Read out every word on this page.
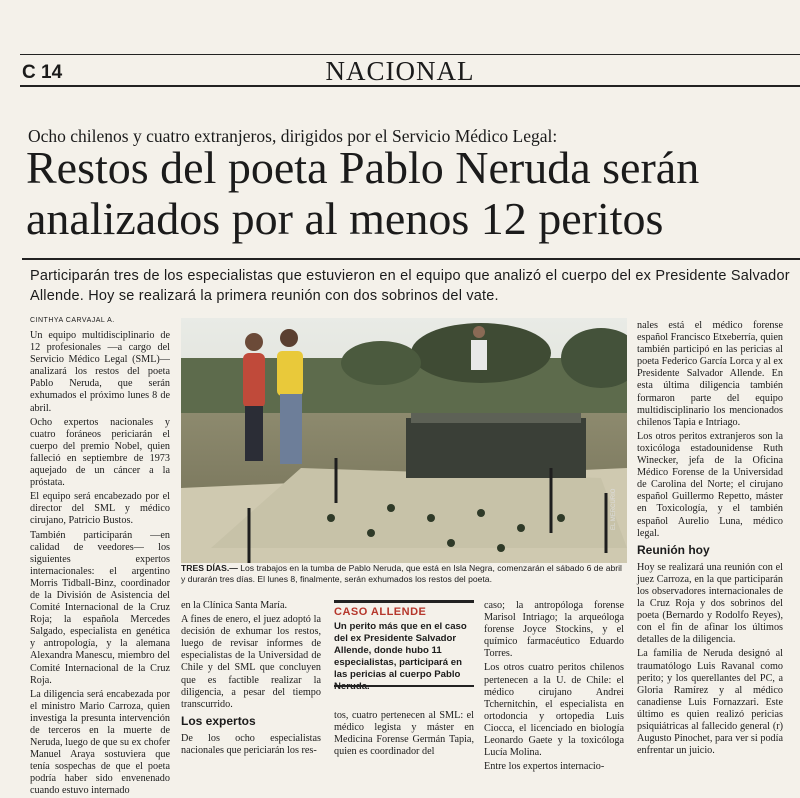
C 14	NACIONAL
Ocho chilenos y cuatro extranjeros, dirigidos por el Servicio Médico Legal:
Restos del poeta Pablo Neruda serán analizados por al menos 12 peritos
Participarán tres de los especialistas que estuvieron en el equipo que analizó el cuerpo del ex Presidente Salvador Allende. Hoy se realizará la primera reunión con dos sobrinos del vate.
CINTHYA CARVAJAL A.

Un equipo multidisciplinario de 12 profesionales —a cargo del Servicio Médico Legal (SML)— analizará los restos del poeta Pablo Neruda, que serán exhumados el próximo lunes 8 de abril.

Ocho expertos nacionales y cuatro foráneos periciarán el cuerpo del premio Nobel, quien falleció en septiembre de 1973 aquejado de un cáncer a la próstata.

El equipo será encabezado por el director del SML y médico cirujano, Patricio Bustos.

También participarán —en calidad de veedores— los siguientes expertos internacionales: el argentino Morris Tidball-Binz, coordinador de la División de Asistencia del Comité Internacional de la Cruz Roja; la española Mercedes Salgado, especialista en genética y antropología, y la alemana Alexandra Manescu, miembro del Comité Internacional de la Cruz Roja.

La diligencia será encabezada por el ministro Mario Carroza, quien investiga la presunta intervención de terceros en la muerte de Neruda, luego de que su ex chofer Manuel Araya sostuviera que tenía sospechas de que el poeta podría haber sido envenenado cuando estuvo internado

EL MERCURIO
TRES DÍAS.— Los trabajos en la tumba de Pablo Neruda, que está en Isla Negra, comenzarán el sábado 6 de abril y durarán tres días. El lunes 8, finalmente, serán exhumados los restos del poeta.

en la Clínica Santa María.

A fines de enero, el juez adoptó la decisión de exhumar los restos, luego de revisar informes de especialistas de la Universidad de Chile y del SML que concluyen que es factible realizar la diligencia, a pesar del tiempo transcurrido.

Los expertos

De los ocho especialistas nacionales que periciarán los res-

CASO ALLENDE
Un perito más que en el caso del ex Presidente Salvador Allende, donde hubo 11 especialistas, participará en las pericias al cuerpo Pablo

tos, cuatro pertenecen al SML: el médico legista y máster en Medicina Forense Germán Tapia, quien es coordinador del

caso; la antropóloga forense Marisol Intriago; la arqueóloga forense Joyce Stockins, y el químico farmacéutico Eduardo Torres.

Los otros cuatro peritos chilenos pertenecen a la U. de Chile: el médico cirujano Andrei Tchernitchin, el especialista en ortodoncia y ortopedia Luis Ciocca, el licenciado en biología Leonardo Gaete y la toxicóloga Lucía Molina.

Entre los expertos internacio-

nales está el médico forense español Francisco Etxeberría, quien también participó en las pericias al poeta Federico García Lorca y al ex Presidente Salvador Allende. En esta última diligencia también formaron parte del equipo multidisciplinario los mencionados chilenos Tapia e Intriago.

Los otros peritos extranjeros son la toxicóloga estadounidense Ruth Winecker, jefa de la Oficina Médico Forense de la Universidad de Carolina del Norte; el cirujano español Guillermo Repetto, máster en Toxicología, y el también español Aurelio Luna, médico legal.

Reunión hoy

Hoy se realizará una reunión con el juez Carroza, en la que participarán los observadores internacionales de la Cruz Roja y dos sobrinos del poeta (Bernardo y Rodolfo Reyes), con el fin de afinar los últimos detalles de la diligencia.

La familia de Neruda designó al traumatólogo Luis Ravanal como perito; y los querellantes del PC, a Gloria Ramírez y al médico canadiense Luis Fornazzari. Este último es quien realizó pericias psiquiátricas al fallecido general (r) Augusto Pinochet, para ver si podía enfrentar un juicio.
